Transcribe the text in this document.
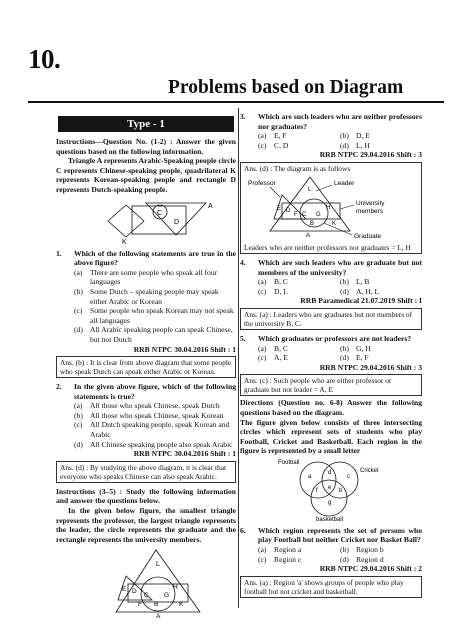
10.
Problems based on Diagram
Type - 1
Instructions—Question No. (1-2) : Answer the given questions based on the following information.
Triangle A represents Arabic-Speaking people circle C represents Chinese-speaking people, quadrilateral K represents Korean-speaking people and rectangle D represents Dutch-speaking people.
C
A
D
K
1.	Which of the following statements are true in the above figure?
(a) There are some people who speak all four languages
(b) Some Dutch – speaking people may speak either Arabic or Korean
(c) Some people who speak Korean may not speak all languages
(d) All Arabic speaking people can speak Chinese, but not Dutch
RRB NTPC 30.04.2016 Shift : 1
Ans. (b) : It is clear from above diagram that some people who speak Dutch can speak either Arabic or Korean.
2.	In the given above figure, which of the following statements is true?
(a) All those who speak Chinese, speak Dutch
(b) All those who speak Chinese, speak Korean
(c) All Dutch speaking people, speak Korean and Arabic
(d) All Chinese speaking people also speak Arabic
RRB NTPC 30.04.2016 Shift : 1
Ans. (d) : By studying the above diagram, it is clear that everyone who speaks Chinese can also speak Arabic.
Instructions (3–5) : Study the following information and answer the questions below.
In the given below figure, the smallest triangle represents the professor, the largest triangle represents the leader, the circle represents the graduate and the rectangle represents the university members.
L
E D
H
C G
F B	K
A
3.	Which are such leaders who are neither professors nor graduates?
(a) E, F	(b) D, E
(c) C, D	(d) L, H
RRB NTPC 29.04.2016 Shift : 3
Ans. (d) : The diagram is as follows
Professor	Leader
University
members
Graduate
L
E D
F C G
H
B	K
A
Leaders who are neither professors nor graduates = L, H
4.	Which are such leaders who are graduate but not members of the university?
(a) B, C	(b) L, B
(c) D, L	(d) A, H, L
RRB Paramedical 21.07.2019 Shift : I
Ans. (a) : Leaders who are graduates but not members of the university B, C.
5.	Which graduates or professors are not leaders?
(a) B, C	(b) G, H
(c) A, E	(d) E, F
RRB NTPC 29.04.2016 Shift : 3
Ans. (c) : Such people who are either professor or graduate but not leader = A, E
Directions (Question no. 6-8) Answer the following questions based on the diagram.
The figure given below consists of three intersecting circles which represent sets of students who play Football, Cricket and Basketball. Each region in the figure is represented by a small letter
Football
Cricket
basketball
a
d
c
f e b
g
6.	Which region represents the set of persons who play Football but neither Cricket nor Basket Ball?
(a) Region a	(b) Region b
(c) Region c	(d) Region d
RRB NTPC 29.04.2016 Shift : 2
Ans. (a) : Region 'a' shows groups of people who play football but not cricket and basketball.
